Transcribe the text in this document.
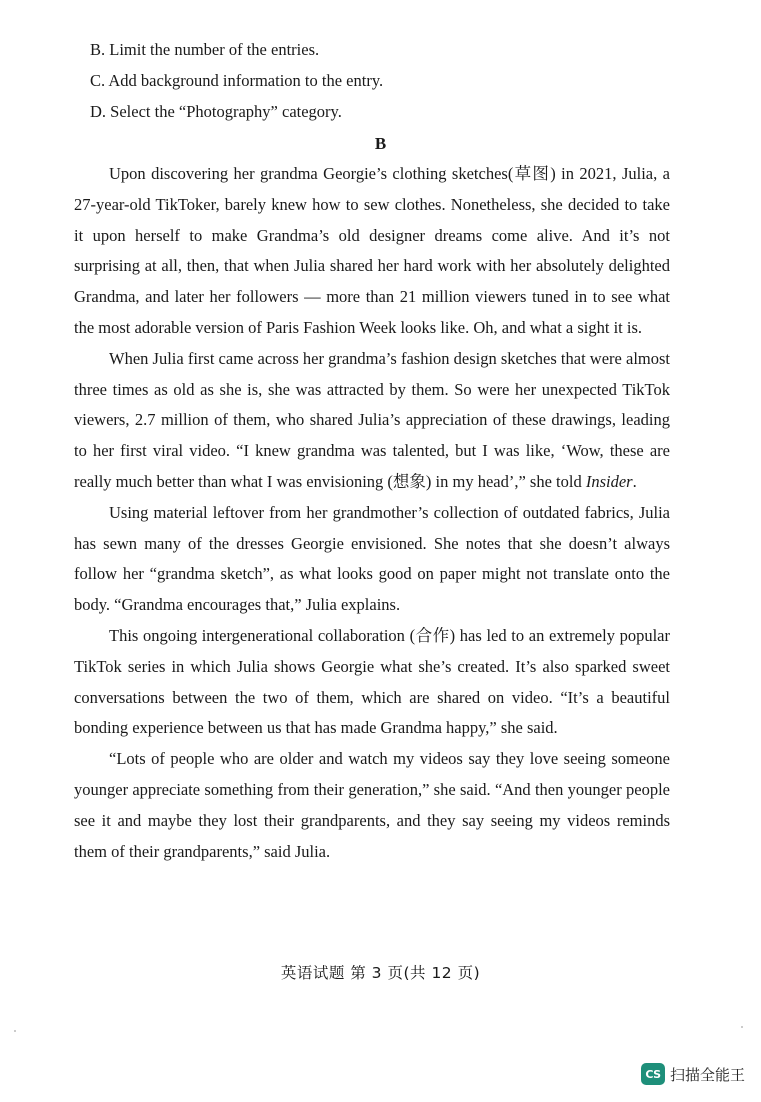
B. Limit the number of the entries.
C. Add background information to the entry.
D. Select the “Photography” category.
B

Upon discovering her grandma Georgie’s clothing sketches(草图) in 2021, Julia, a 27-year-old TikToker, barely knew how to sew clothes. Nonetheless, she decided to take it upon herself to make Grandma’s old designer dreams come alive. And it’s not surprising at all, then, that when Julia shared her hard work with her absolutely delighted Grandma, and later her followers — more than 21 million viewers tuned in to see what the most adorable version of Paris Fashion Week looks like. Oh, and what a sight it is.

When Julia first came across her grandma’s fashion design sketches that were almost three times as old as she is, she was attracted by them. So were her unexpected TikTok viewers, 2.7 million of them, who shared Julia’s appreciation of these drawings, leading to her first viral video. “I knew grandma was talented, but I was like, ‘Wow, these are really much better than what I was envisioning (想象) in my head’,” she told Insider.

Using material leftover from her grandmother’s collection of outdated fabrics, Julia has sewn many of the dresses Georgie envisioned. She notes that she doesn’t always follow her “grandma sketch”, as what looks good on paper might not translate onto the body. “Grandma encourages that,” Julia explains.

This ongoing intergenerational collaboration (合作) has led to an extremely popular TikTok series in which Julia shows Georgie what she’s created. It’s also sparked sweet conversations between the two of them, which are shared on video. “It’s a beautiful bonding experience between us that has made Grandma happy,” she said.

“Lots of people who are older and watch my videos say they love seeing someone younger appreciate something from their generation,” she said. “And then younger people see it and maybe they lost their grandparents, and they say seeing my videos reminds them of their grandparents,” said Julia.

英语试题 第 3 页(共 12 页)
CS 扫描全能王
